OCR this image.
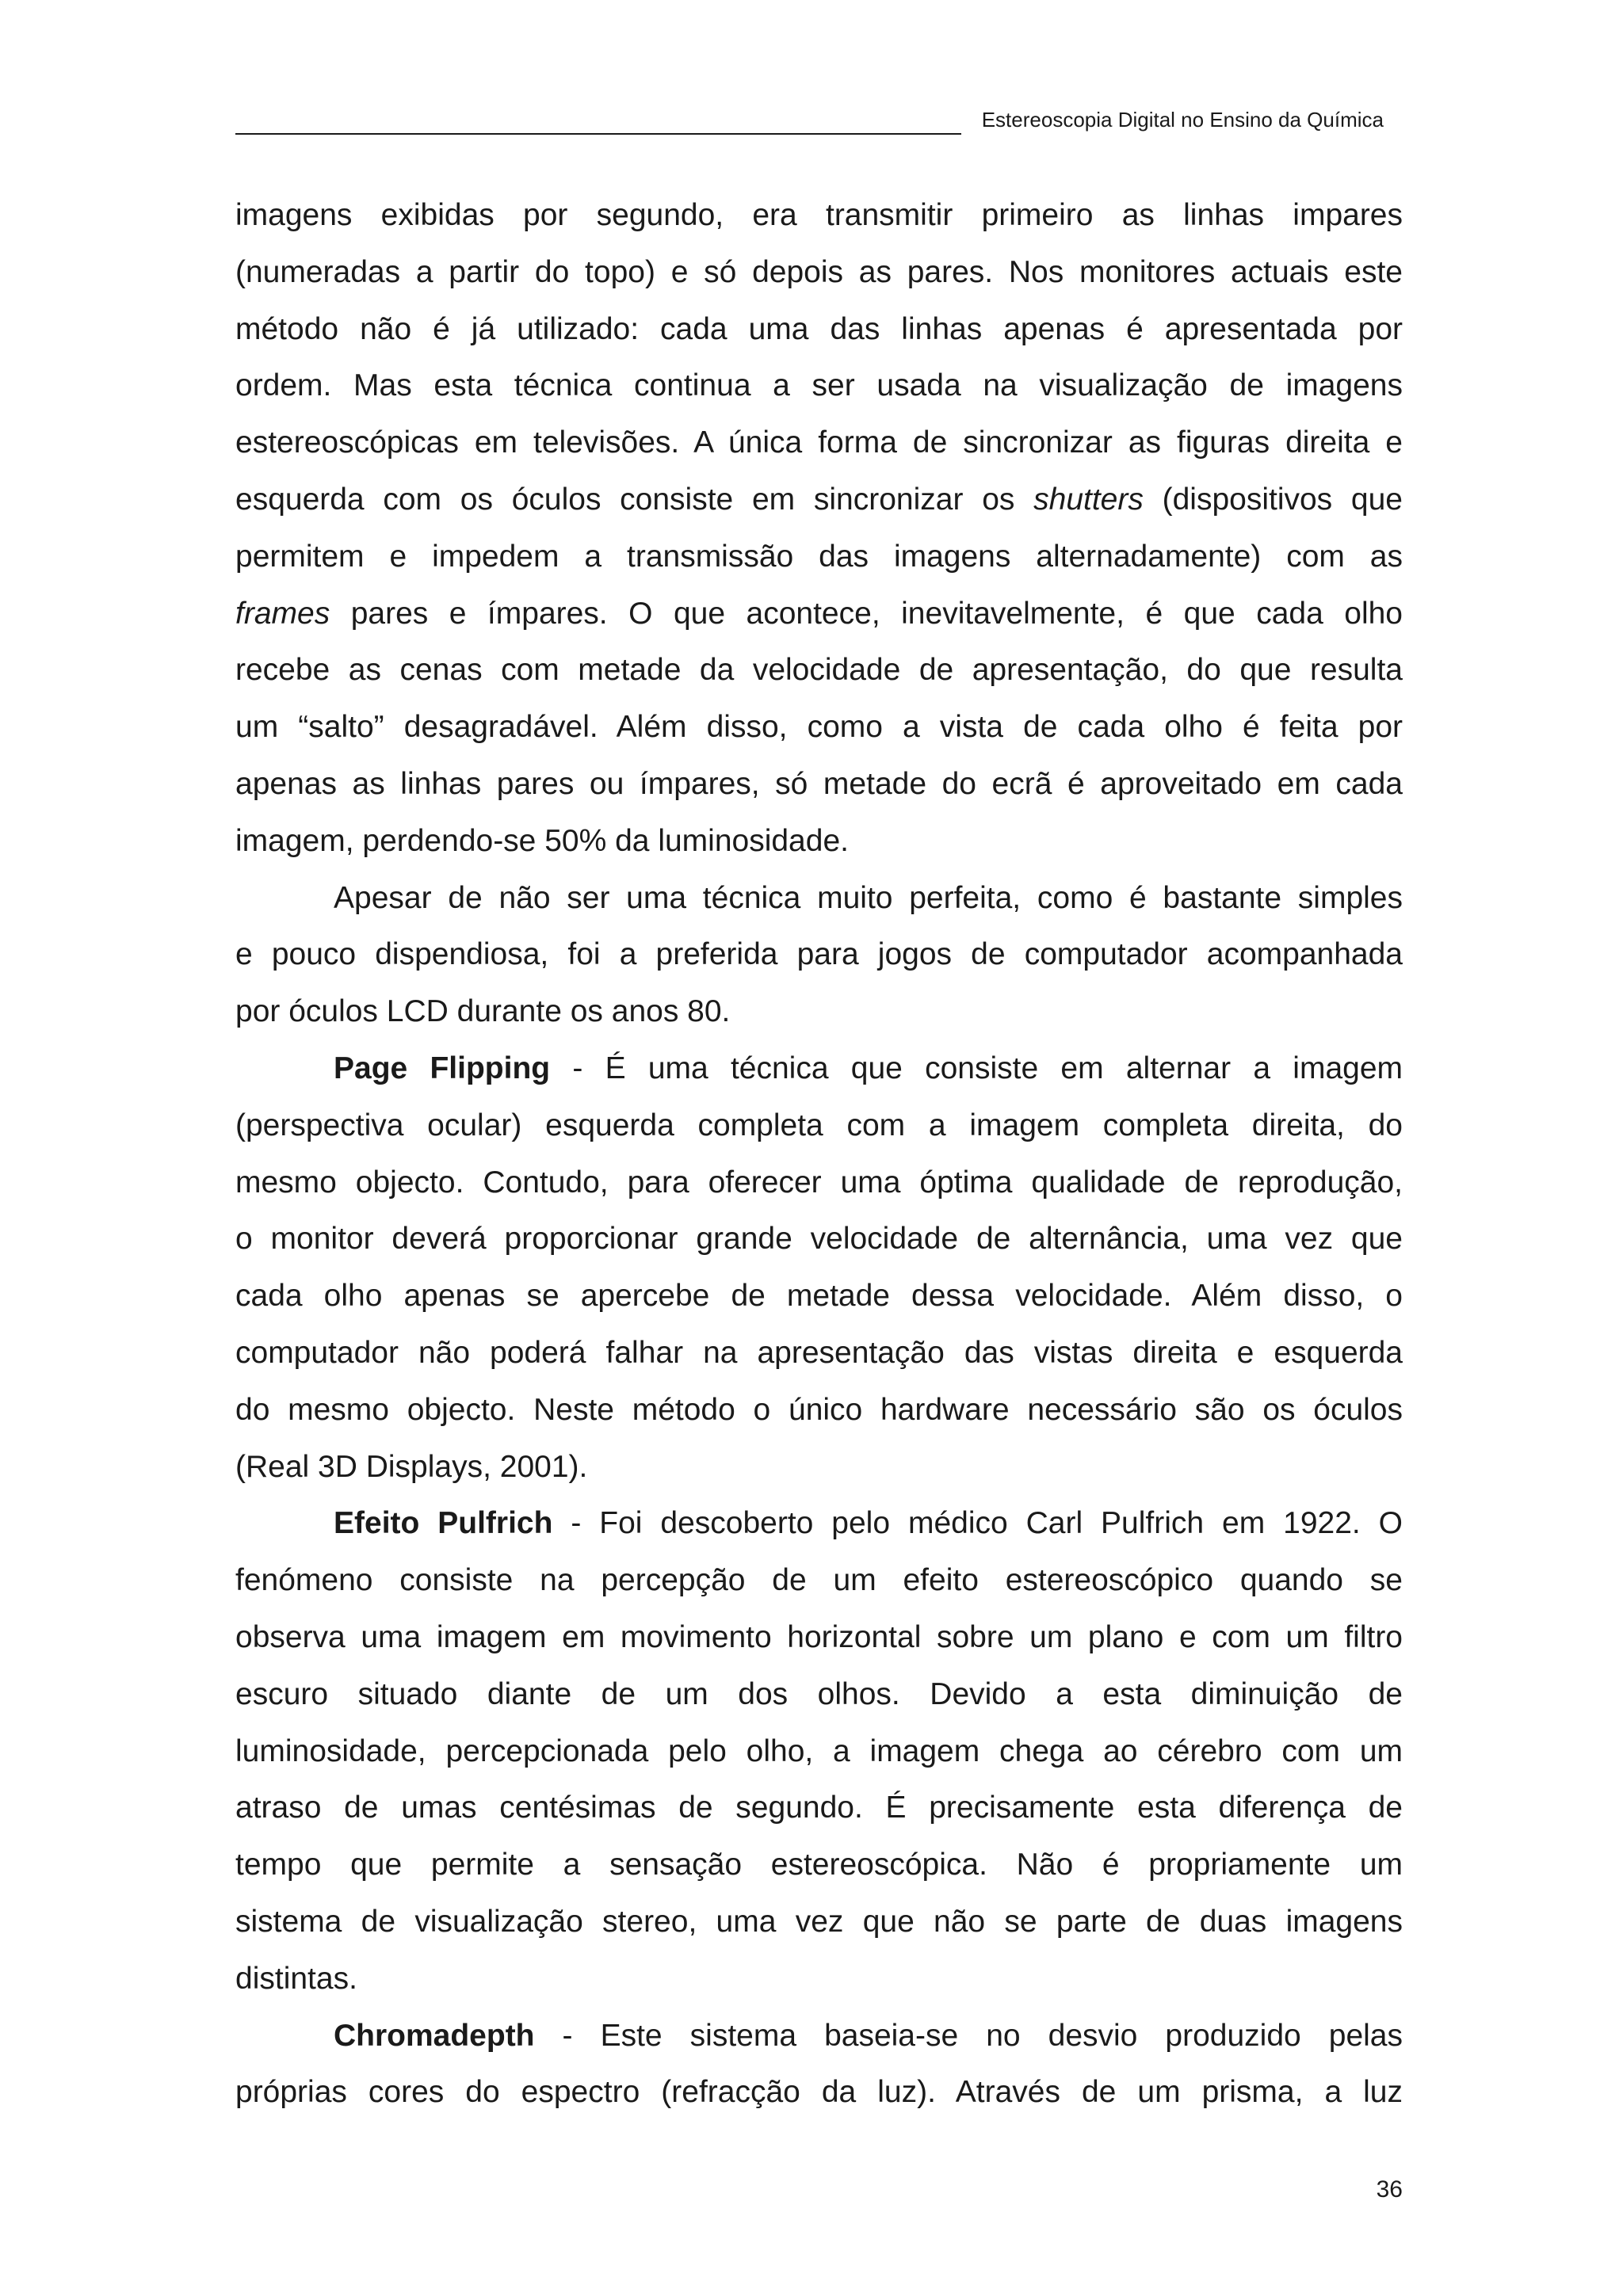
Estereoscopia Digital no Ensino da Química
imagens exibidas por segundo, era transmitir primeiro as linhas impares
(numeradas a partir do topo) e só depois as pares. Nos monitores actuais este
método não é já utilizado: cada uma das linhas apenas é apresentada por
ordem. Mas esta técnica continua a ser usada na visualização de imagens
estereoscópicas em televisões. A única forma de sincronizar as figuras direita e
esquerda com os óculos consiste em sincronizar os shutters (dispositivos que
permitem e impedem a transmissão das imagens alternadamente) com as
frames pares e ímpares. O que acontece, inevitavelmente, é que cada olho
recebe as cenas com metade da velocidade de apresentação, do que resulta
um “salto” desagradável. Além disso, como a vista de cada olho é feita por
apenas as linhas pares ou ímpares, só metade do ecrã é aproveitado em cada
imagem, perdendo-se 50% da luminosidade.
Apesar de não ser uma técnica muito perfeita, como é bastante simples
e pouco dispendiosa, foi a preferida para jogos de computador acompanhada
por óculos LCD durante os anos 80.
Page Flipping - É uma técnica que consiste em alternar a imagem
(perspectiva ocular) esquerda completa com a imagem completa direita, do
mesmo objecto. Contudo, para oferecer uma óptima qualidade de reprodução,
o monitor deverá proporcionar grande velocidade de alternância, uma vez que
cada olho apenas se apercebe de metade dessa velocidade. Além disso, o
computador não poderá falhar na apresentação das vistas direita e esquerda
do mesmo objecto. Neste método o único hardware necessário são os óculos
(Real 3D Displays, 2001).
Efeito Pulfrich - Foi descoberto pelo médico Carl Pulfrich em 1922. O
fenómeno consiste na percepção de um efeito estereoscópico quando se
observa uma imagem em movimento horizontal sobre um plano e com um filtro
escuro situado diante de um dos olhos. Devido a esta diminuição de
luminosidade, percepcionada pelo olho, a imagem chega ao cérebro com um
atraso de umas centésimas de segundo. É precisamente esta diferença de
tempo que permite a sensação estereoscópica. Não é propriamente um
sistema de visualização stereo, uma vez que não se parte de duas imagens
distintas.
Chromadepth - Este sistema baseia-se no desvio produzido pelas
próprias cores do espectro (refracção da luz). Através de um prisma, a luz
36
